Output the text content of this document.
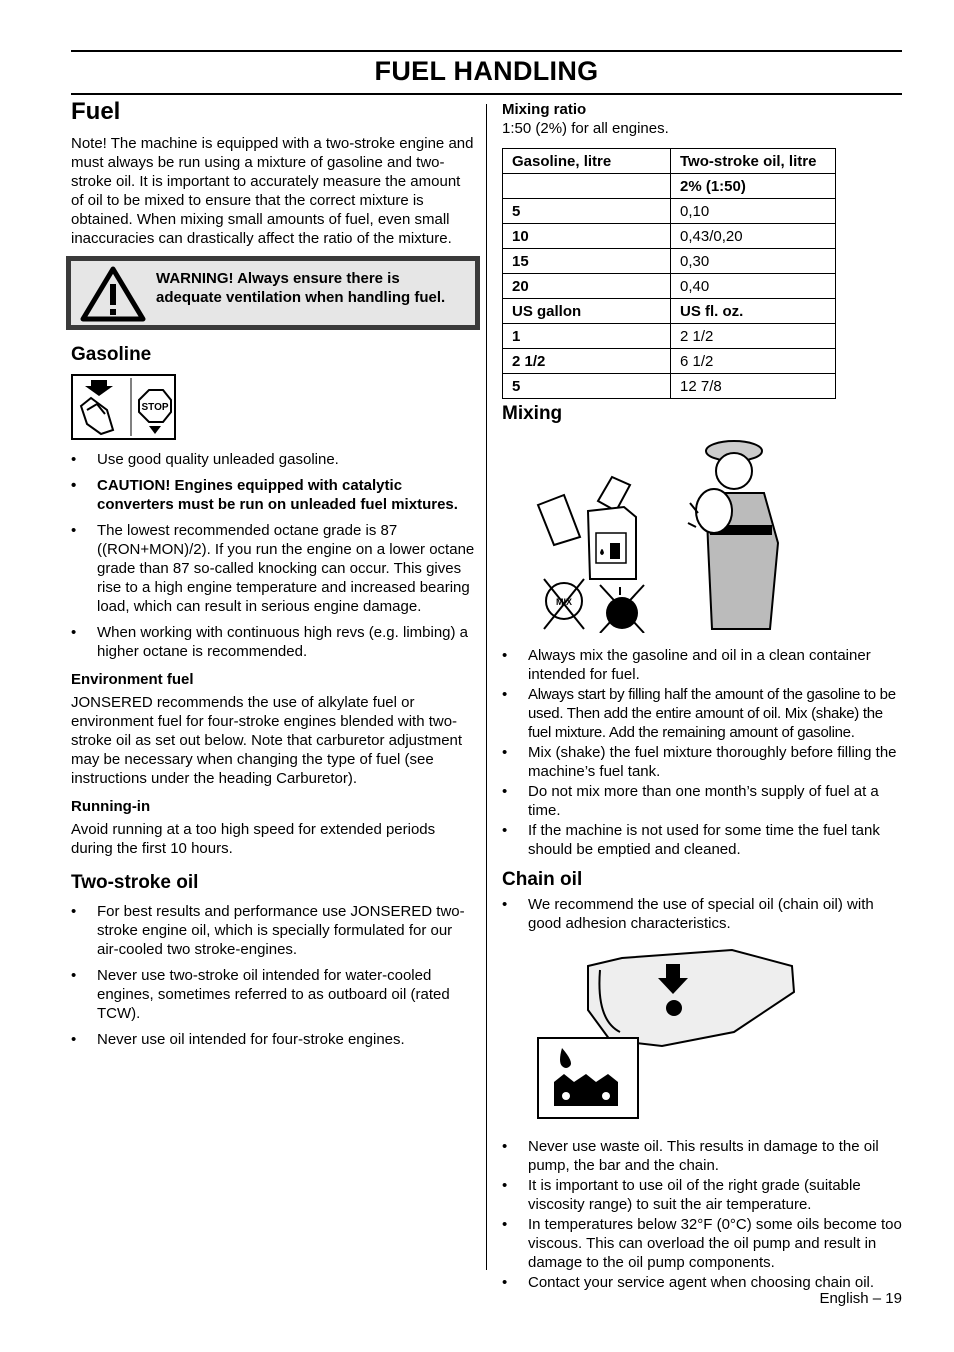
FUEL HANDLING
Fuel

Note! The machine is equipped with a two-stroke engine and must always be run using a mixture of gasoline and two-stroke oil. It is important to accurately measure the amount of oil to be mixed to ensure that the correct mixture is obtained. When mixing small amounts of fuel, even small inaccuracies can drastically affect the ratio of the mixture.

WARNING! Always ensure there is adequate ventilation when handling fuel.
Gasoline
STOP
• Use good quality unleaded gasoline.
• CAUTION! Engines equipped with catalytic converters must be run on unleaded fuel mixtures.
• The lowest recommended octane grade is 87 ((RON+MON)/2). If you run the engine on a lower octane grade than 87 so-called knocking can occur. This gives rise to a high engine temperature and increased bearing load, which can result in serious engine damage.
• When working with continuous high revs (e.g. limbing) a higher octane is recommended.
Environment fuel

JONSERED recommends the use of alkylate fuel or environment fuel for four-stroke engines blended with two-stroke oil as set out below. Note that carburetor adjustment may be necessary when changing the type of fuel (see instructions under the heading Carburetor).

Running-in

Avoid running at a too high speed for extended periods during the first 10 hours.

Two-stroke oil
• For best results and performance use JONSERED two-stroke engine oil, which is specially formulated for our air-cooled two stroke-engines.
• Never use two-stroke oil intended for water-cooled engines, sometimes referred to as outboard oil (rated TCW).
• Never use oil intended for four-stroke engines.
Mixing ratio
1:50 (2%) for all engines.
Gasoline, litre	Two-stroke oil, litre
	2% (1:50)
5	0,10
10	0,43/0,20
15	0,30
20	0,40
US gallon	US fl. oz.
1	2 1/2
2 1/2	6 1/2
5	12 7/8
Mixing
MIX
• Always mix the gasoline and oil in a clean container intended for fuel.
• Always start by filling half the amount of the gasoline to be used. Then add the entire amount of oil. Mix (shake) the fuel mixture. Add the remaining amount of gasoline.
• Mix (shake) the fuel mixture thoroughly before filling the machine’s fuel tank.
• Do not mix more than one month’s supply of fuel at a time.
• If the machine is not used for some time the fuel tank should be emptied and cleaned.
Chain oil
• We recommend the use of special oil (chain oil) with good adhesion characteristics.
• Never use waste oil. This results in damage to the oil pump, the bar and the chain.
• It is important to use oil of the right grade (suitable viscosity range) to suit the air temperature.
• In temperatures below 32°F (0°C) some oils become too viscous. This can overload the oil pump and result in damage to the oil pump components.
• Contact your service agent when choosing chain oil.
English – 19
